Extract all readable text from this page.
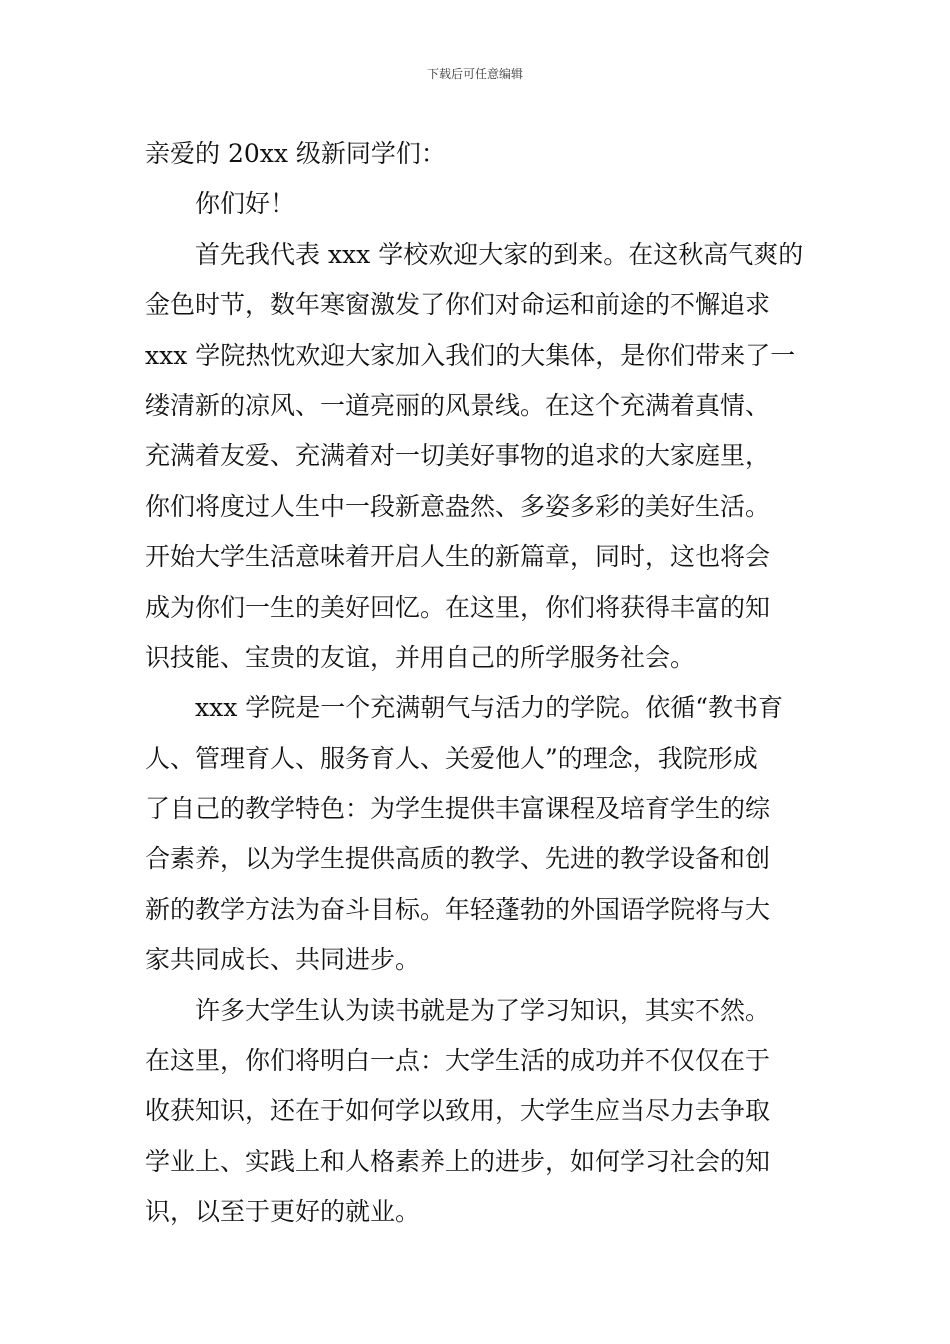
下载后可任意编辑
亲爱的 20xx 级新同学们：
你们好！
首先我代表 xxx 学校欢迎大家的到来。在这秋高气爽的
金色时节，数年寒窗激发了你们对命运和前途的不懈追求
xxx 学院热忱欢迎大家加入我们的大集体，是你们带来了一
缕清新的凉风、一道亮丽的风景线。在这个充满着真情、
充满着友爱、充满着对一切美好事物的追求的大家庭里，
你们将度过人生中一段新意盎然、多姿多彩的美好生活。
开始大学生活意味着开启人生的新篇章，同时，这也将会
成为你们一生的美好回忆。在这里，你们将获得丰富的知
识技能、宝贵的友谊，并用自己的所学服务社会。
xxx 学院是一个充满朝气与活力的学院。依循“教书育
人、管理育人、服务育人、关爱他人”的理念，我院形成
了自己的教学特色：为学生提供丰富课程及培育学生的综
合素养，以为学生提供高质的教学、先进的教学设备和创
新的教学方法为奋斗目标。年轻蓬勃的外国语学院将与大
家共同成长、共同进步。
许多大学生认为读书就是为了学习知识，其实不然。
在这里，你们将明白一点：大学生活的成功并不仅仅在于
收获知识，还在于如何学以致用，大学生应当尽力去争取
学业上、实践上和人格素养上的进步，如何学习社会的知
识，以至于更好的就业。
